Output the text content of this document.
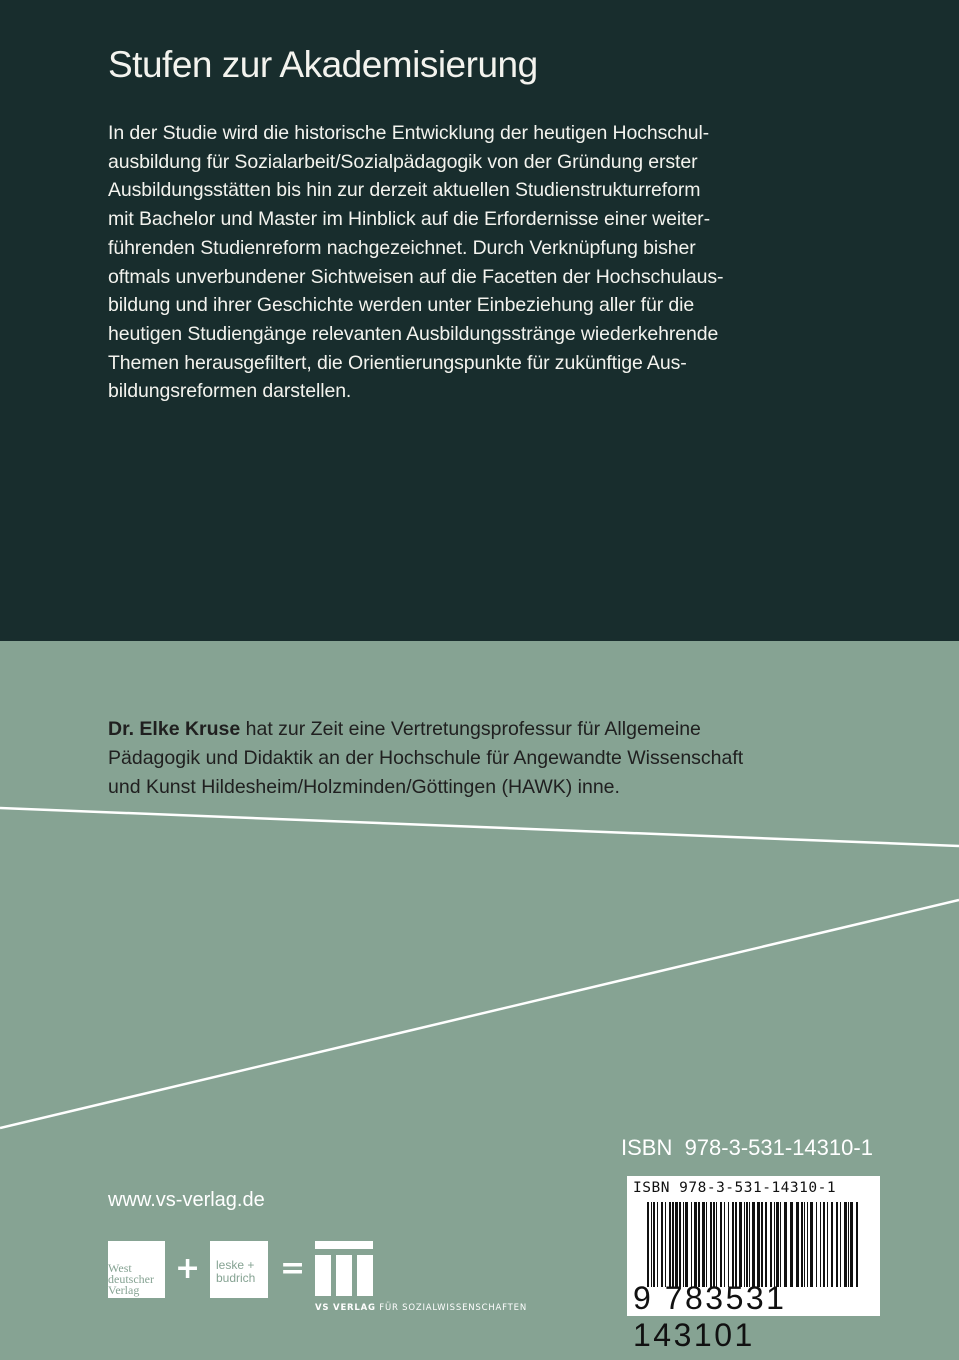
Stufen zur Akademisierung
In der Studie wird die historische Entwicklung der heutigen Hochschul-
ausbildung für Sozialarbeit/Sozialpädagogik von der Gründung erster
Ausbildungsstätten bis hin zur derzeit aktuellen Studienstrukturreform
mit Bachelor und Master im Hinblick auf die Erfordernisse einer weiter-
führenden Studienreform nachgezeichnet. Durch Verknüpfung bisher
oftmals unverbundener Sichtweisen auf die Facetten der Hochschulaus-
bildung und ihrer Geschichte werden unter Einbeziehung aller für die
heutigen Studiengänge relevanten Ausbildungsstränge wiederkehrende
Themen herausgefiltert, die Orientierungspunkte für zukünftige Aus-
bildungsreformen darstellen.
Dr. Elke Kruse hat zur Zeit eine Vertretungsprofessur für Allgemeine
Pädagogik und Didaktik an der Hochschule für Angewandte Wissenschaft
und Kunst Hildesheim/Holzminden/Göttingen (HAWK) inne.
ISBN  978-3-531-14310-1
www.vs-verlag.de
ISBN 978-3-531-14310-1
9 783531 143101
West
deutscher
Verlag
+ leske +
budrich =
VS VERLAG FÜR SOZIALWISSENSCHAFTEN
